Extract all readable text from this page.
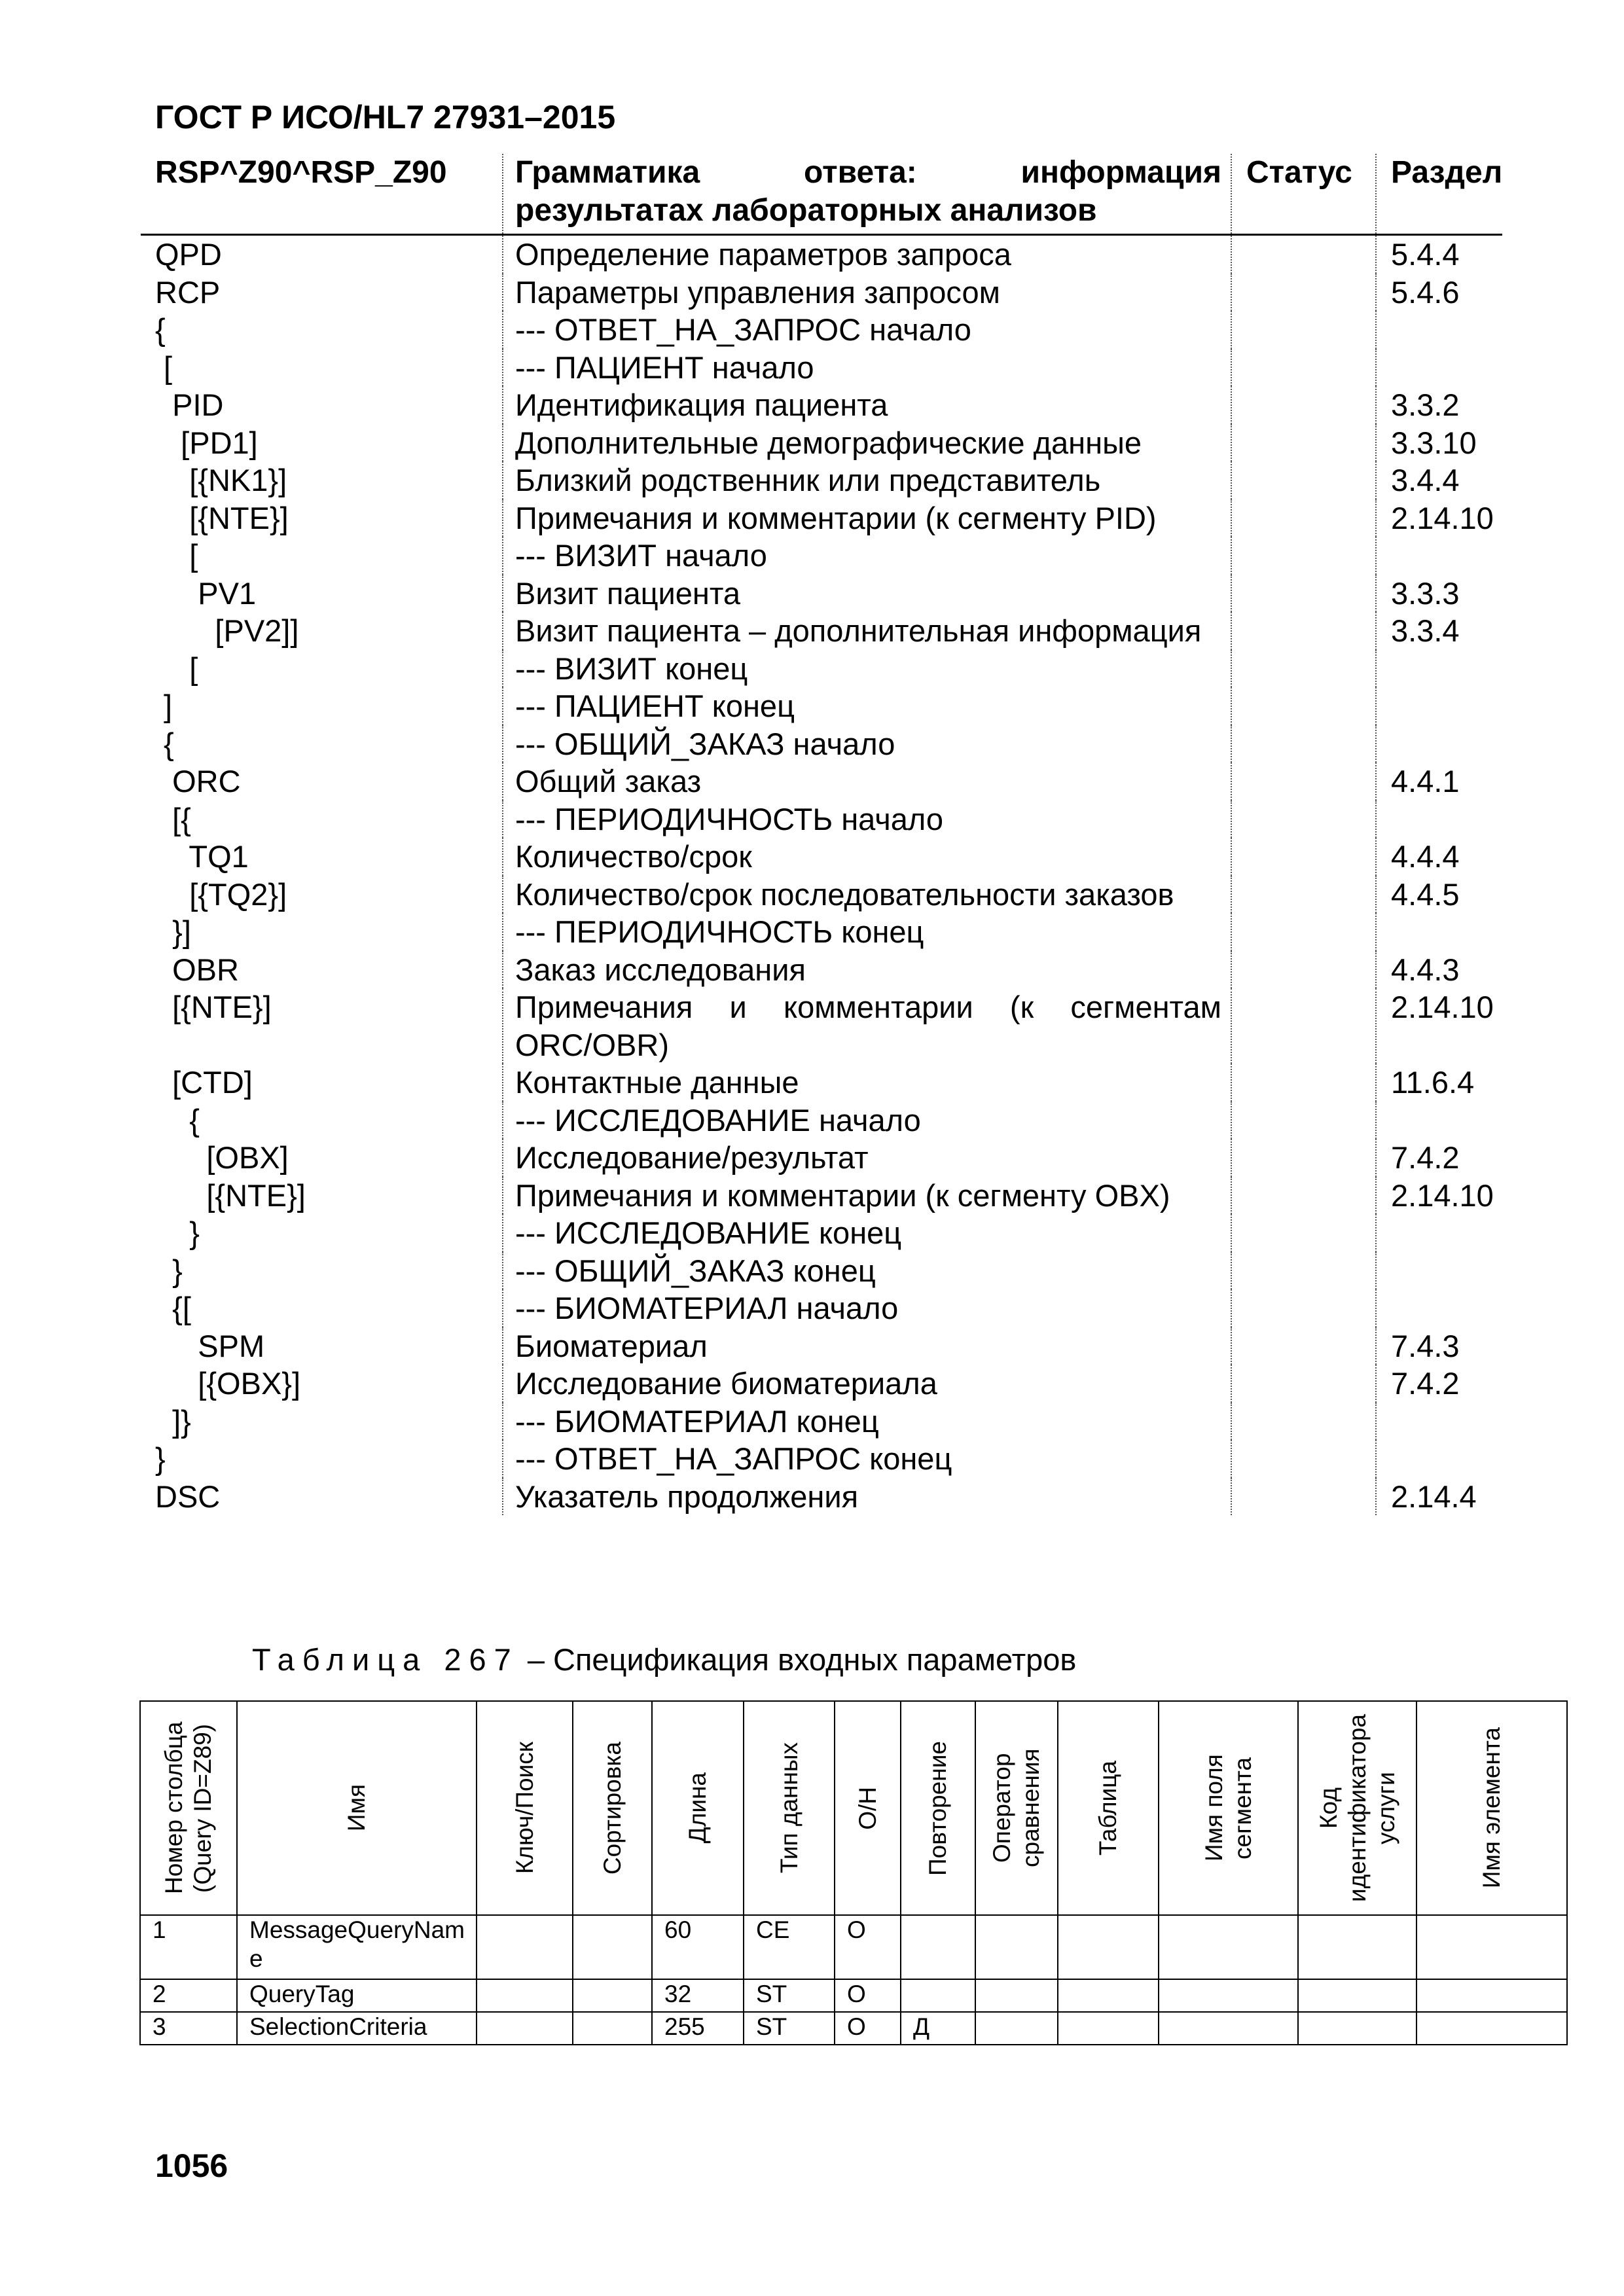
ГОСТ Р ИСО/HL7 27931–2015
RSP^Z90^RSP_Z90	Грамматика ответа: информация результатах лабораторных анализов	Статус	Раздел
QPD	Определение параметров запроса		5.4.4
RCP	Параметры управления запросом		5.4.6
{	--- ОТВЕТ_НА_ЗАПРОС начало		
[	--- ПАЦИЕНТ начало		
PID	Идентификация пациента		3.3.2
[PD1]	Дополнительные демографические данные		3.3.10
[{NK1}]	Близкий родственник или представитель		3.4.4
[{NTE}]	Примечания и комментарии (к сегменту PID)		2.14.10
[	--- ВИЗИТ начало		
PV1	Визит пациента		3.3.3
[PV2]]	Визит пациента – дополнительная информация		3.3.4
[	--- ВИЗИТ конец		
]	--- ПАЦИЕНТ конец		
{	--- ОБЩИЙ_ЗАКАЗ начало		
ORC	Общий заказ		4.4.1
[{	--- ПЕРИОДИЧНОСТЬ начало		
TQ1	Количество/срок		4.4.4
[{TQ2}]	Количество/срок последовательности заказов		4.4.5
}]	--- ПЕРИОДИЧНОСТЬ конец		
OBR	Заказ исследования		4.4.3
[{NTE}]	Примечания и комментарии (к сегментам ORC/OBR)		2.14.10
[CTD]	Контактные данные		11.6.4
{	--- ИССЛЕДОВАНИЕ начало		
[OBX]	Исследование/результат		7.4.2
[{NTE}]	Примечания и комментарии (к сегменту OBX)		2.14.10
}	--- ИССЛЕДОВАНИЕ конец		
}	--- ОБЩИЙ_ЗАКАЗ конец		
{[	--- БИОМАТЕРИАЛ начало		
SPM	Биоматериал		7.4.3
[{OBX}]	Исследование биоматериала		7.4.2
]}	--- БИОМАТЕРИАЛ конец		
}	--- ОТВЕТ_НА_ЗАПРОС конец		
DSC	Указатель продолжения		2.14.4

Таблица 267 – Спецификация входных параметров

Номер столбца (Query ID=Z89)	Имя	Ключ/Поиск	Сортировка	Длина	Тип данных	О/Н	Повторение	Оператор сравнения	Таблица	Имя поля сегмента	Код идентификатора услуги	Имя элемента

1	MessageQueryName			60	CE	O						
2	QueryTag			32	ST	O						
3	SelectionCriteria			255	ST	O	Д					

1056
